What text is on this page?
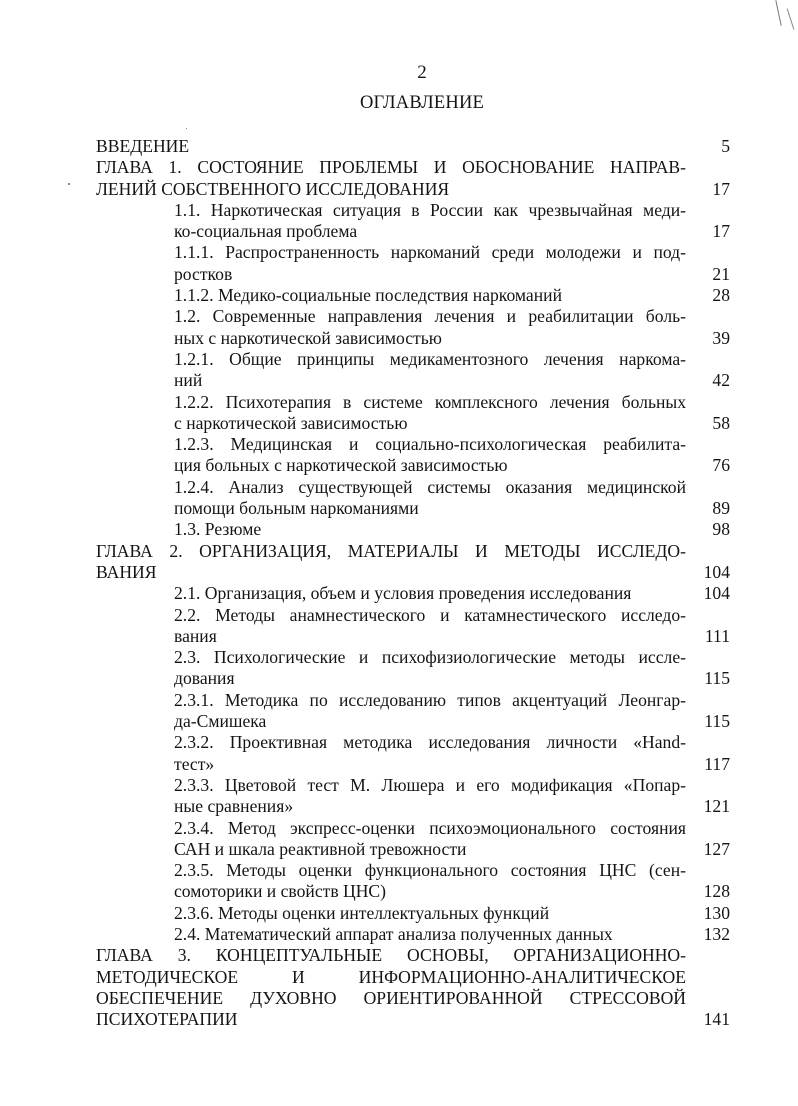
2
ОГЛАВЛЕНИЕ
ВВЕДЕНИЕ	5
ГЛАВА 1. СОСТОЯНИЕ ПРОБЛЕМЫ И ОБОСНОВАНИЕ НАПРАВ-
ЛЕНИЙ СОБСТВЕННОГО ИССЛЕДОВАНИЯ	17
1.1. Наркотическая ситуация в России как чрезвычайная меди-
ко-социальная проблема	17
1.1.1. Распространенность наркоманий среди молодежи и под-
ростков	21
1.1.2. Медико-социальные последствия наркоманий	28
1.2. Современные направления лечения и реабилитации боль-
ных с наркотической зависимостью	39
1.2.1. Общие принципы медикаментозного лечения наркома-
ний	42
1.2.2. Психотерапия в системе комплексного лечения больных
с наркотической зависимостью	58
1.2.3. Медицинская и социально-психологическая реабилита-
ция больных с наркотической зависимостью	76
1.2.4. Анализ существующей системы оказания медицинской
помощи больным наркоманиями	89
1.3. Резюме	98
ГЛАВА 2. ОРГАНИЗАЦИЯ, МАТЕРИАЛЫ И МЕТОДЫ ИССЛЕДО-
ВАНИЯ	104
2.1. Организация, объем и условия проведения исследования	104
2.2. Методы анамнестического и катамнестического исследо-
вания	111
2.3. Психологические и психофизиологические методы иссле-
дования	115
2.3.1. Методика по исследованию типов акцентуаций Леонгар-
да-Смишека	115
2.3.2. Проективная методика исследования личности «Hand-
тест»	117
2.3.3. Цветовой тест М. Люшера и его модификация «Попар-
ные сравнения»	121
2.3.4. Метод экспресс-оценки психоэмоционального состояния
САН и шкала реактивной тревожности	127
2.3.5. Методы оценки функционального состояния ЦНС (сен-
сомоторики и свойств ЦНС)	128
2.3.6. Методы оценки интеллектуальных функций	130
2.4. Математический аппарат анализа полученных данных	132
ГЛАВА 3. КОНЦЕПТУАЛЬНЫЕ ОСНОВЫ, ОРГАНИЗАЦИОННО-
МЕТОДИЧЕСКОЕ И ИНФОРМАЦИОННО-АНАЛИТИЧЕСКОЕ
ОБЕСПЕЧЕНИЕ ДУХОВНО ОРИЕНТИРОВАННОЙ СТРЕССОВОЙ
ПСИХОТЕРАПИИ	141
